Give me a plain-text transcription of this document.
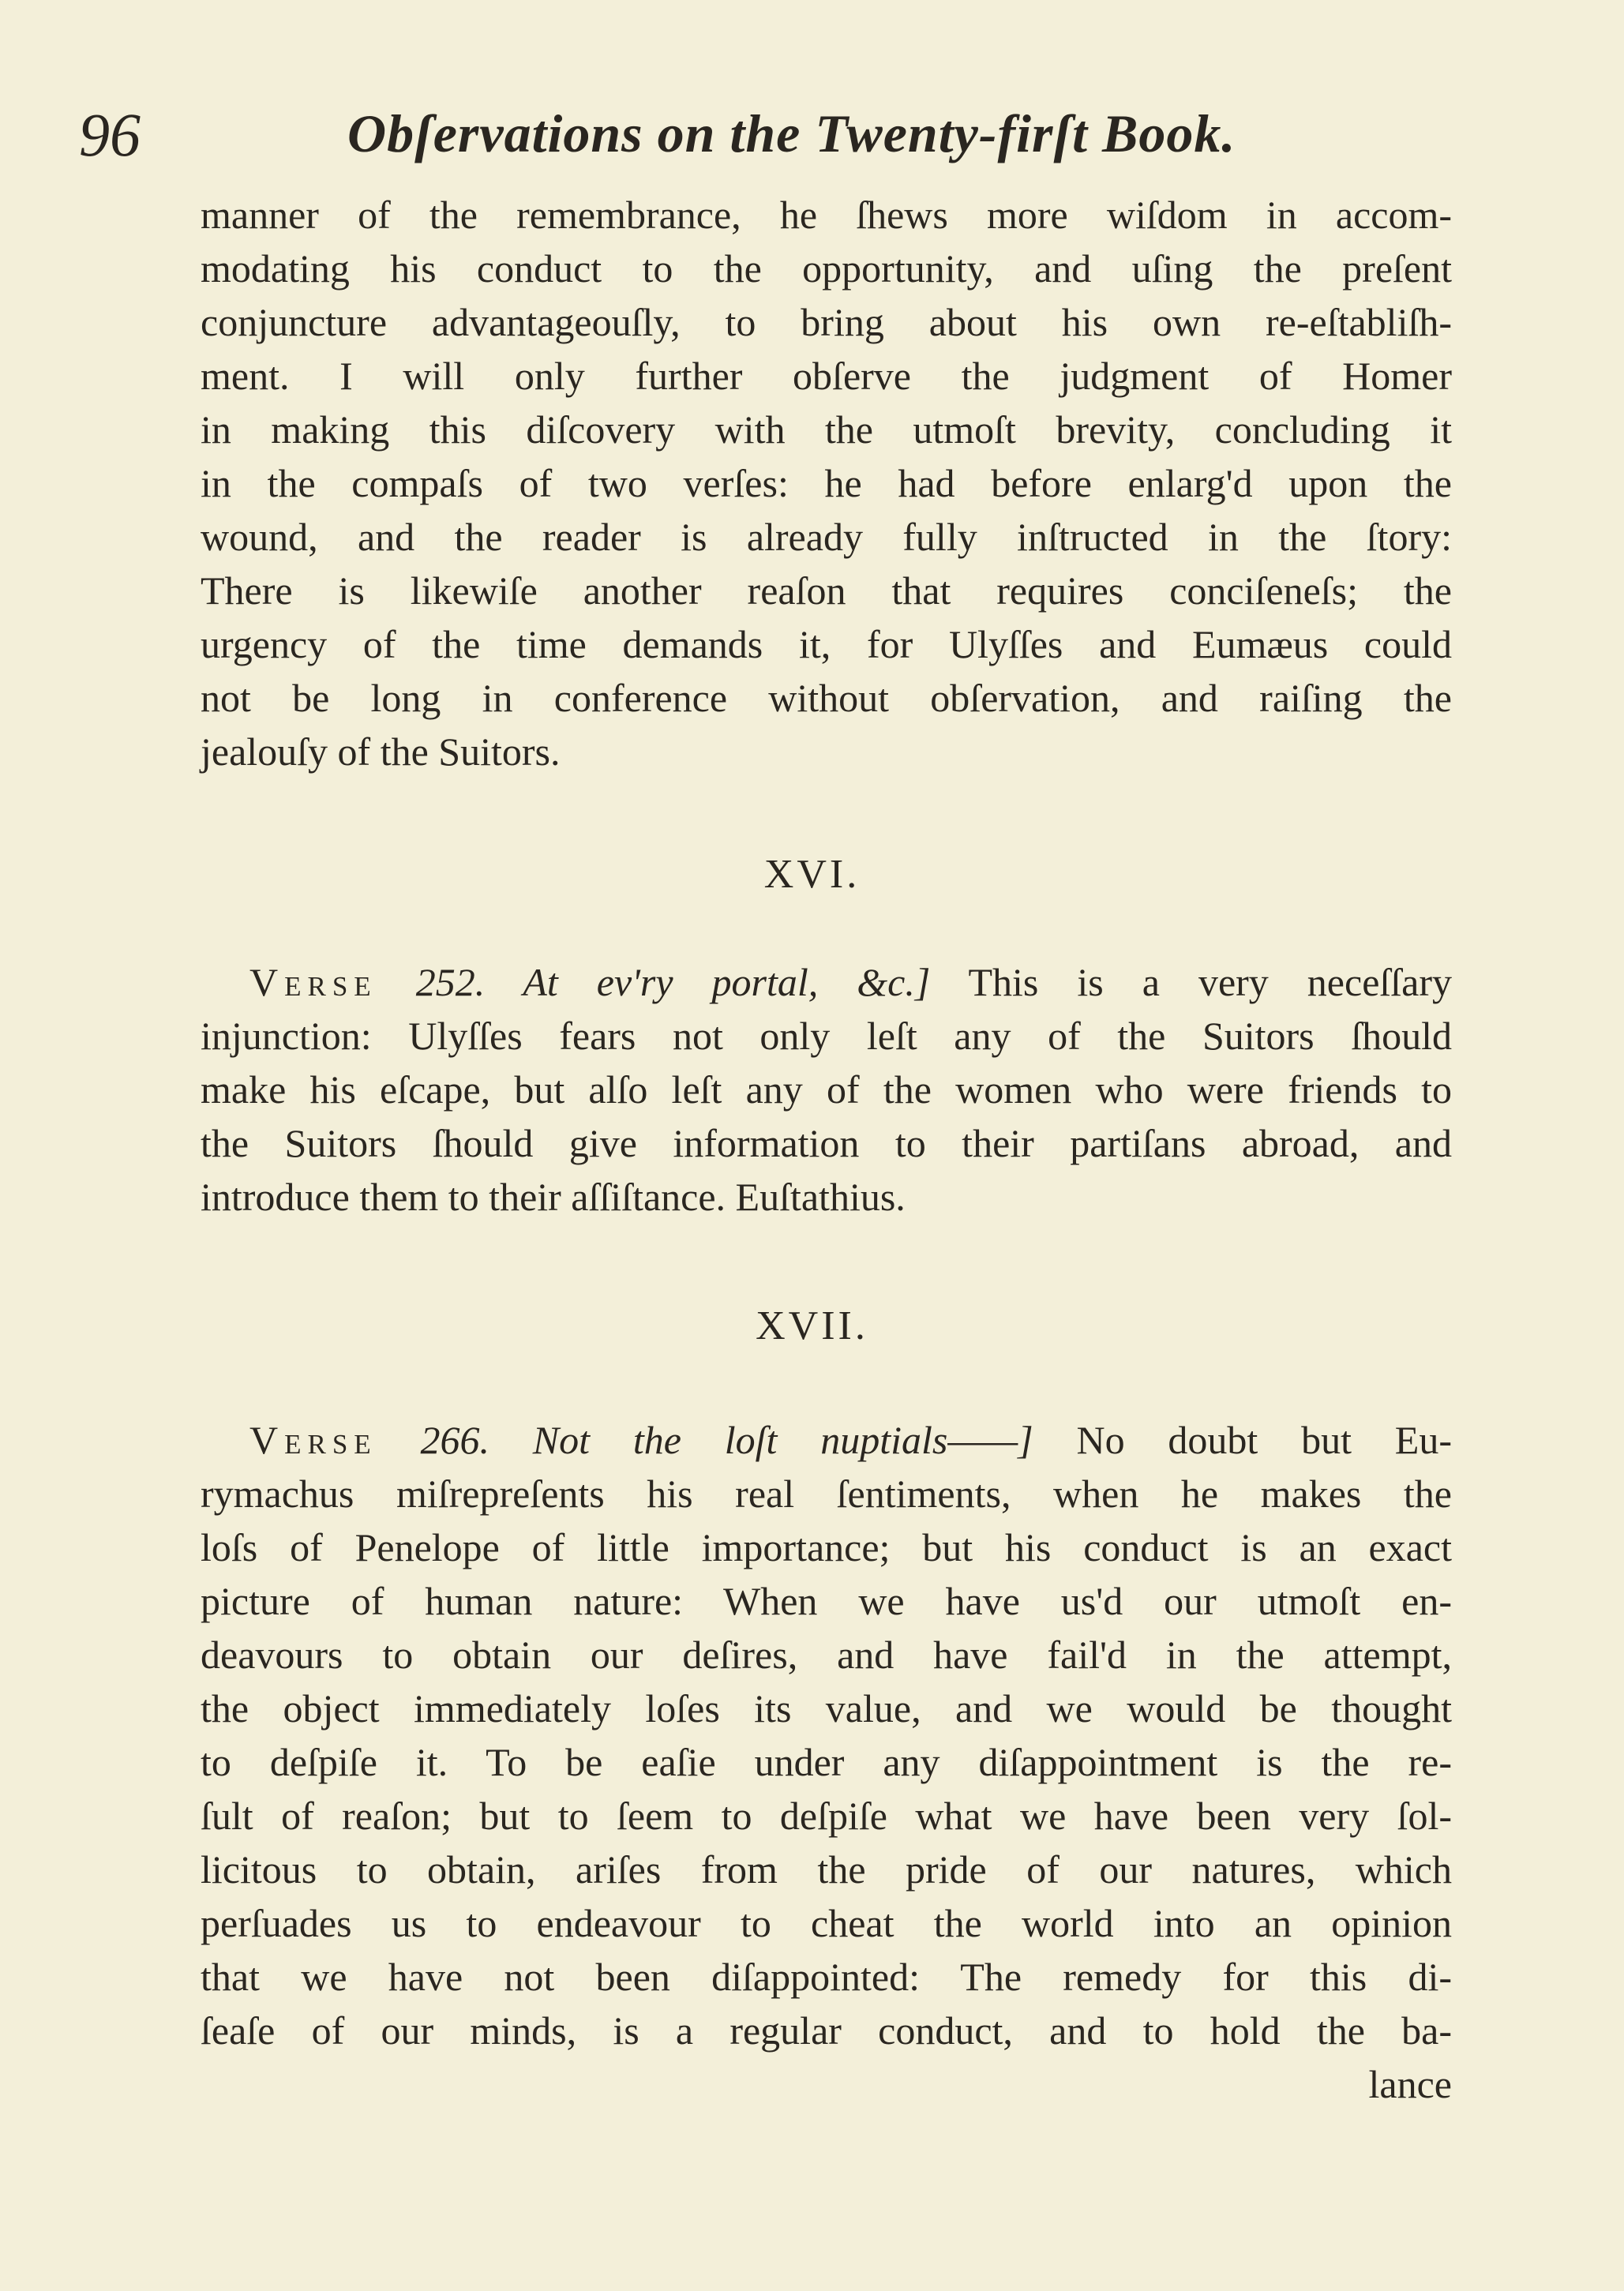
96	Obſervations on the Twenty-firſt Book.
manner of the remembrance, he ſhews more wiſdom in accom-
modating his conduct to the opportunity, and uſing the preſent
conjuncture advantageouſly, to bring about his own re-eſtabliſh-
ment. I will only further obſerve the judgment of Homer
in making this diſcovery with the utmoſt brevity, concluding it
in the compaſs of two verſes: he had before enlarg'd upon the
wound, and the reader is already fully inſtructed in the ſtory:
There is likewiſe another reaſon that requires conciſeneſs; the
urgency of the time demands it, for Ulyſſes and Eumæus could
not be long in conference without obſervation, and raiſing the
jealouſy of the Suitors.
XVI.
Verse 252. At ev'ry portal, &c.] This is a very neceſſary
injunction: Ulyſſes fears not only leſt any of the Suitors ſhould
make his eſcape, but alſo leſt any of the women who were friends to
the Suitors ſhould give information to their partiſans abroad, and
introduce them to their aſſiſtance. Euſtathius.
XVII.
Verse 266. Not the loſt nuptials——] No doubt but Eu-
rymachus miſrepreſents his real ſentiments, when he makes the
loſs of Penelope of little importance; but his conduct is an exact
picture of human nature: When we have us'd our utmoſt en-
deavours to obtain our deſires, and have fail'd in the attempt,
the object immediately loſes its value, and we would be thought
to deſpiſe it. To be eaſie under any diſappointment is the re-
ſult of reaſon; but to ſeem to deſpiſe what we have been very ſol-
licitous to obtain, ariſes from the pride of our natures, which
perſuades us to endeavour to cheat the world into an opinion
that we have not been diſappointed: The remedy for this di-
ſeaſe of our minds, is a regular conduct, and to hold the ba-
lance
